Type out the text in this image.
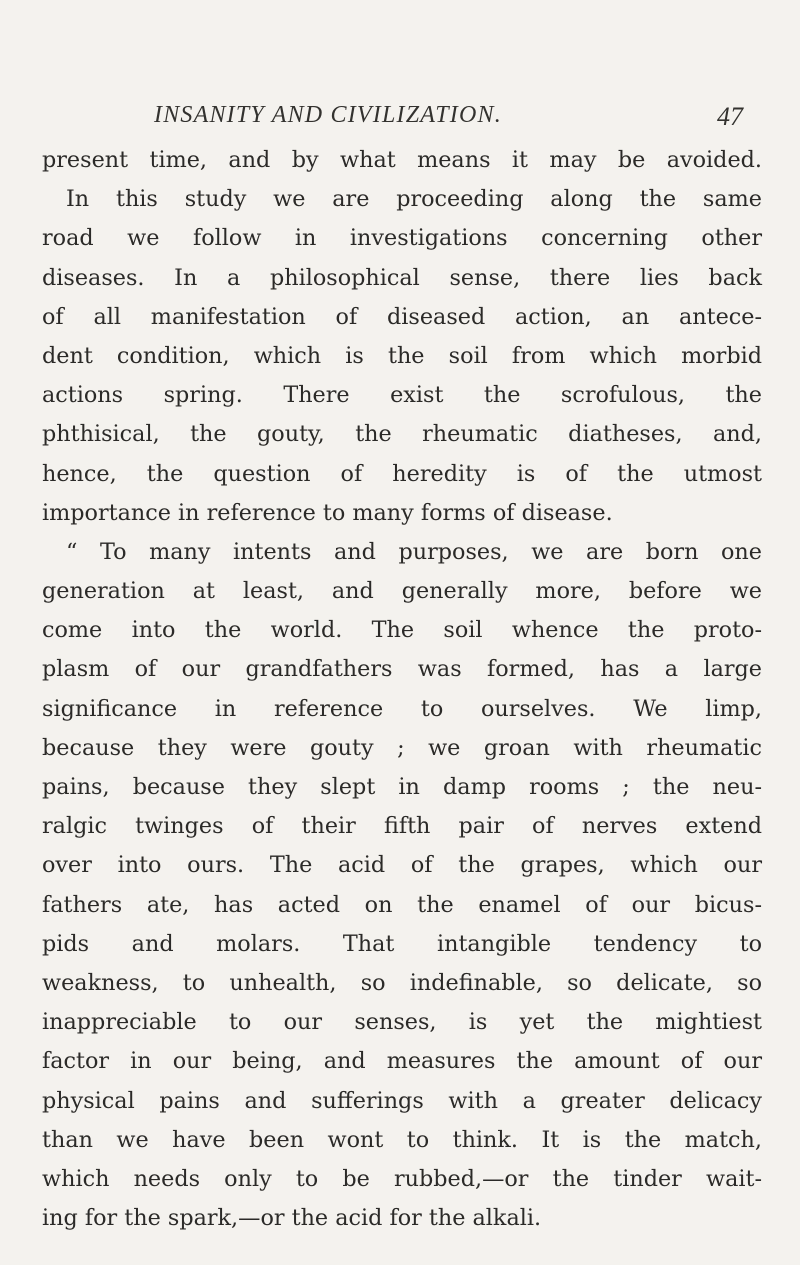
INSANITY AND CIVILIZATION.	47
present time, and by what means it may be avoided.
In this study we are proceeding along the same
road we follow in investigations concerning other
diseases. In a philosophical sense, there lies back
of all manifestation of diseased action, an antece-
dent condition, which is the soil from which morbid
actions spring. There exist the scrofulous, the
phthisical, the gouty, the rheumatic diatheses, and,
hence, the question of heredity is of the utmost
importance in reference to many forms of disease.
“ To many intents and purposes, we are born one
generation at least, and generally more, before we
come into the world. The soil whence the proto-
plasm of our grandfathers was formed, has a large
significance in reference to ourselves. We limp,
because they were gouty ; we groan with rheumatic
pains, because they slept in damp rooms ; the neu-
ralgic twinges of their fifth pair of nerves extend
over into ours. The acid of the grapes, which our
fathers ate, has acted on the enamel of our bicus-
pids and molars. That intangible tendency to
weakness, to unhealth, so indefinable, so delicate, so
inappreciable to our senses, is yet the mightiest
factor in our being, and measures the amount of our
physical pains and sufferings with a greater delicacy
than we have been wont to think. It is the match,
which needs only to be rubbed,—or the tinder wait-
ing for the spark,—or the acid for the alkali.
